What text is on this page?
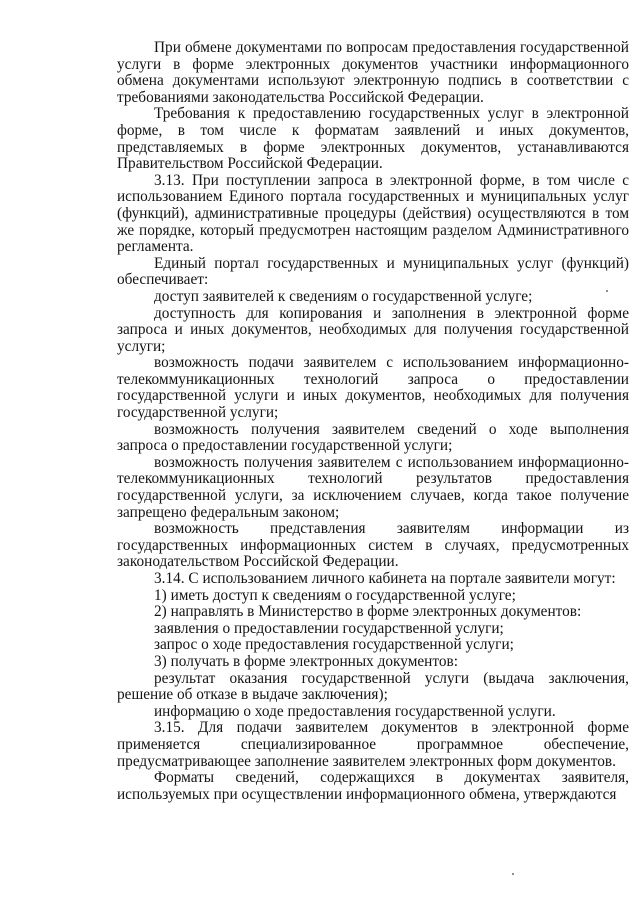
При обмене документами по вопросам предоставления государственной услуги в форме электронных документов участники информационного обмена документами используют электронную подпись в соответствии с требованиями законодательства Российской Федерации.

Требования к предоставлению государственных услуг в электронной форме, в том числе к форматам заявлений и иных документов, представляемых в форме электронных документов, устанавливаются Правительством Российской Федерации.

3.13. При поступлении запроса в электронной форме, в том числе с использованием Единого портала государственных и муниципальных услуг (функций), административные процедуры (действия) осуществляются в том же порядке, который предусмотрен настоящим разделом Административного регламента.

Единый портал государственных и муниципальных услуг (функций) обеспечивает:

доступ заявителей к сведениям о государственной услуге;

доступность для копирования и заполнения в электронной форме запроса и иных документов, необходимых для получения государственной услуги;

возможность подачи заявителем с использованием информационно-телекоммуникационных технологий запроса о предоставлении государственной услуги и иных документов, необходимых для получения государственной услуги;

возможность получения заявителем сведений о ходе выполнения запроса о предоставлении государственной услуги;

возможность получения заявителем с использованием информационно-телекоммуникационных технологий результатов предоставления государственной услуги, за исключением случаев, когда такое получение запрещено федеральным законом;

возможность представления заявителям информации из государственных информационных систем в случаях, предусмотренных законодательством Российской Федерации.

3.14. С использованием личного кабинета на портале заявители могут:

1) иметь доступ к сведениям о государственной услуге;

2) направлять в Министерство в форме электронных документов:

заявления о предоставлении государственной услуги;

запрос о ходе предоставления государственной услуги;

3) получать в форме электронных документов:

результат оказания государственной услуги (выдача заключения, решение об отказе в выдаче заключения);

информацию о ходе предоставления государственной услуги.

3.15. Для подачи заявителем документов в электронной форме применяется специализированное программное обеспечение, предусматривающее заполнение заявителем электронных форм документов.

Форматы сведений, содержащихся в документах заявителя, используемых при осуществлении информационного обмена, утверждаются
